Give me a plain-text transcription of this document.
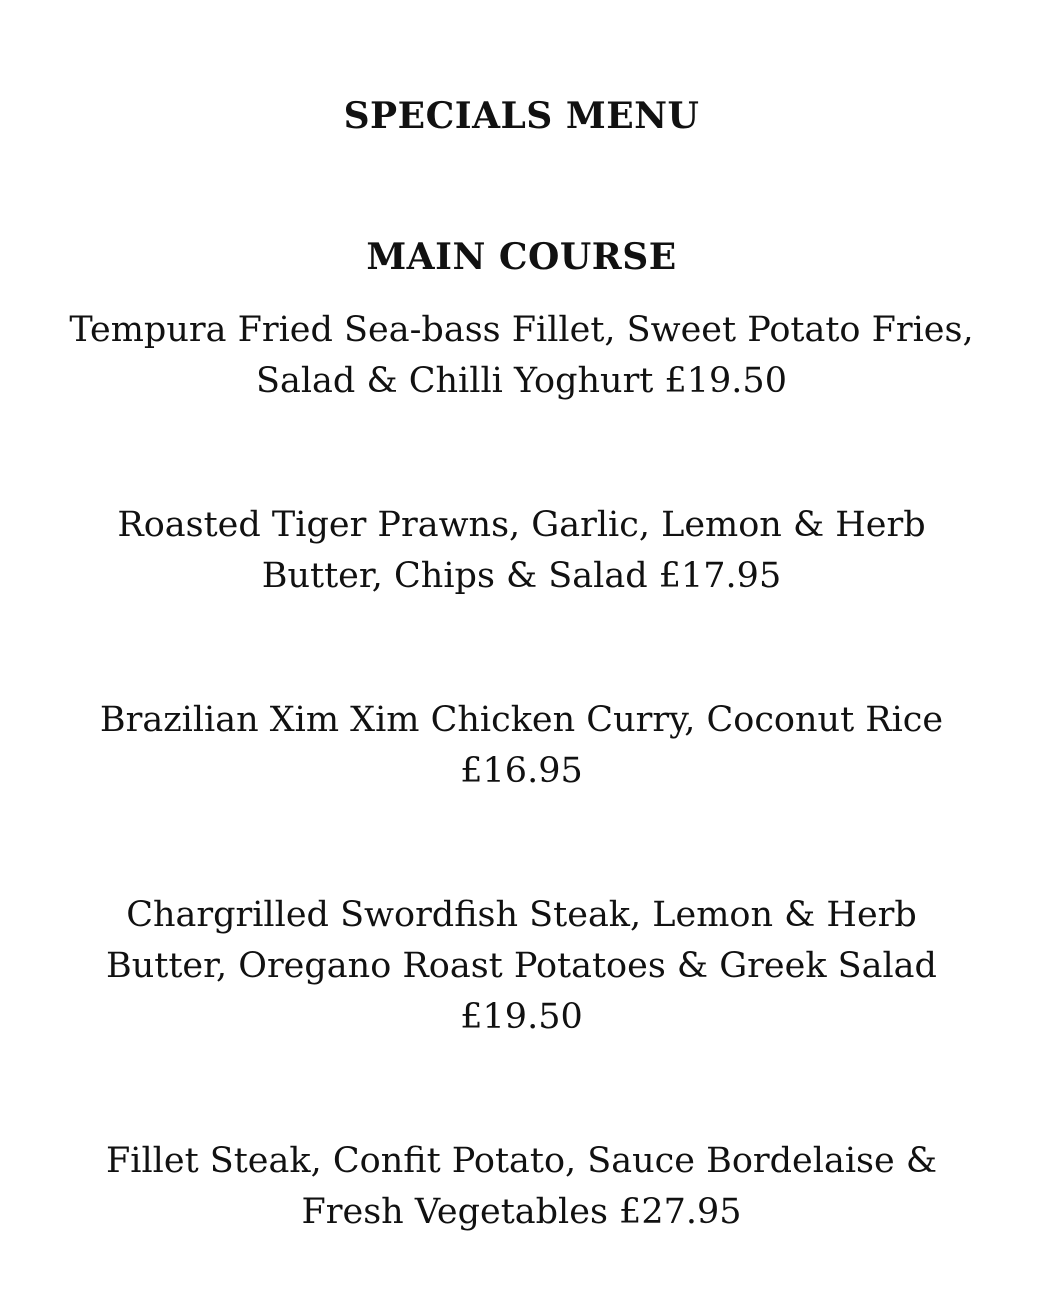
SPECIALS MENU
MAIN COURSE
Tempura Fried Sea-bass Fillet, Sweet Potato Fries,
Salad & Chilli Yoghurt £19.50
Roasted Tiger Prawns, Garlic, Lemon & Herb
Butter, Chips & Salad £17.95
Brazilian Xim Xim Chicken Curry, Coconut Rice
£16.95
Chargrilled Swordfish Steak, Lemon & Herb
Butter, Oregano Roast Potatoes & Greek Salad
£19.50
Fillet Steak, Confit Potato, Sauce Bordelaise &
Fresh Vegetables £27.95
